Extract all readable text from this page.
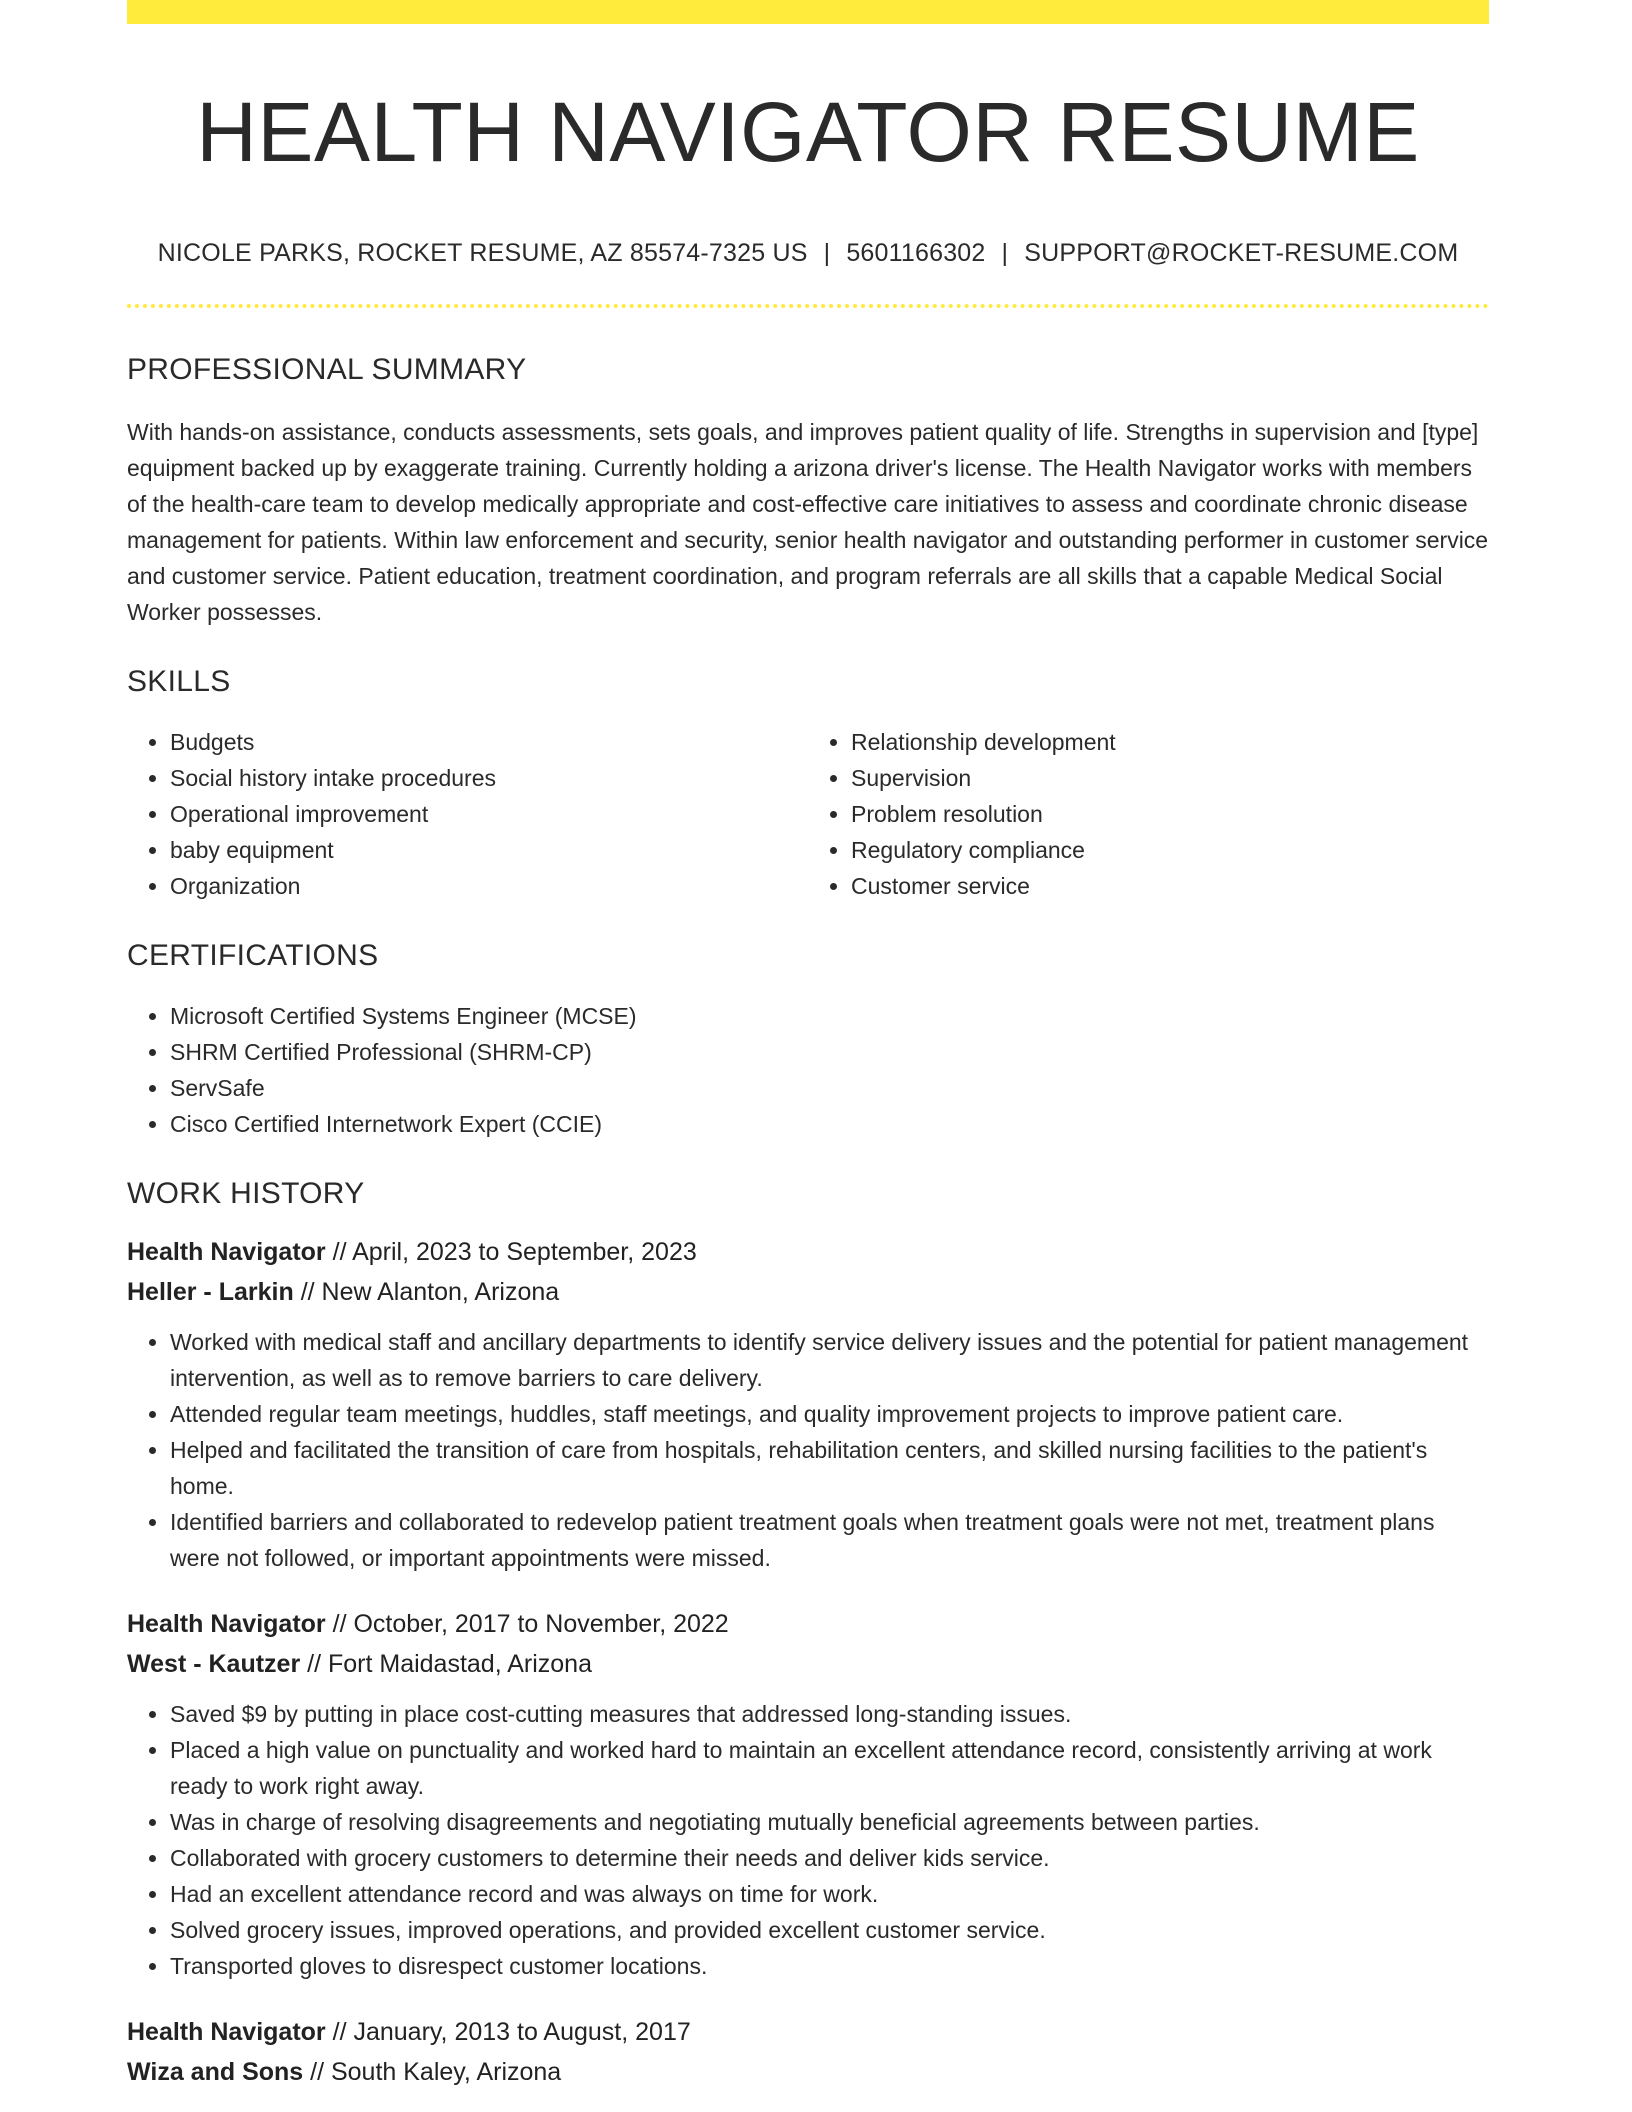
HEALTH NAVIGATOR RESUME
NICOLE PARKS, ROCKET RESUME, AZ 85574-7325 US | 5601166302 | SUPPORT@ROCKET-RESUME.COM
PROFESSIONAL SUMMARY
With hands-on assistance, conducts assessments, sets goals, and improves patient quality of life. Strengths in supervision and [type] equipment backed up by exaggerate training. Currently holding a arizona driver's license. The Health Navigator works with members of the health-care team to develop medically appropriate and cost-effective care initiatives to assess and coordinate chronic disease management for patients. Within law enforcement and security, senior health navigator and outstanding performer in customer service and customer service. Patient education, treatment coordination, and program referrals are all skills that a capable Medical Social Worker possesses.
SKILLS
• Budgets
• Social history intake procedures
• Operational improvement
• baby equipment
• Organization
• Relationship development
• Supervision
• Problem resolution
• Regulatory compliance
• Customer service
CERTIFICATIONS
• Microsoft Certified Systems Engineer (MCSE)
• SHRM Certified Professional (SHRM-CP)
• ServSafe
• Cisco Certified Internetwork Expert (CCIE)
WORK HISTORY
Health Navigator // April, 2023 to September, 2023
Heller - Larkin // New Alanton, Arizona
• Worked with medical staff and ancillary departments to identify service delivery issues and the potential for patient management intervention, as well as to remove barriers to care delivery.
• Attended regular team meetings, huddles, staff meetings, and quality improvement projects to improve patient care.
• Helped and facilitated the transition of care from hospitals, rehabilitation centers, and skilled nursing facilities to the patient's home.
• Identified barriers and collaborated to redevelop patient treatment goals when treatment goals were not met, treatment plans were not followed, or important appointments were missed.
Health Navigator // October, 2017 to November, 2022
West - Kautzer // Fort Maidastad, Arizona
• Saved $9 by putting in place cost-cutting measures that addressed long-standing issues.
• Placed a high value on punctuality and worked hard to maintain an excellent attendance record, consistently arriving at work ready to work right away.
• Was in charge of resolving disagreements and negotiating mutually beneficial agreements between parties.
• Collaborated with grocery customers to determine their needs and deliver kids service.
• Had an excellent attendance record and was always on time for work.
• Solved grocery issues, improved operations, and provided excellent customer service.
• Transported gloves to disrespect customer locations.
Health Navigator // January, 2013 to August, 2017
Wiza and Sons // South Kaley, Arizona
